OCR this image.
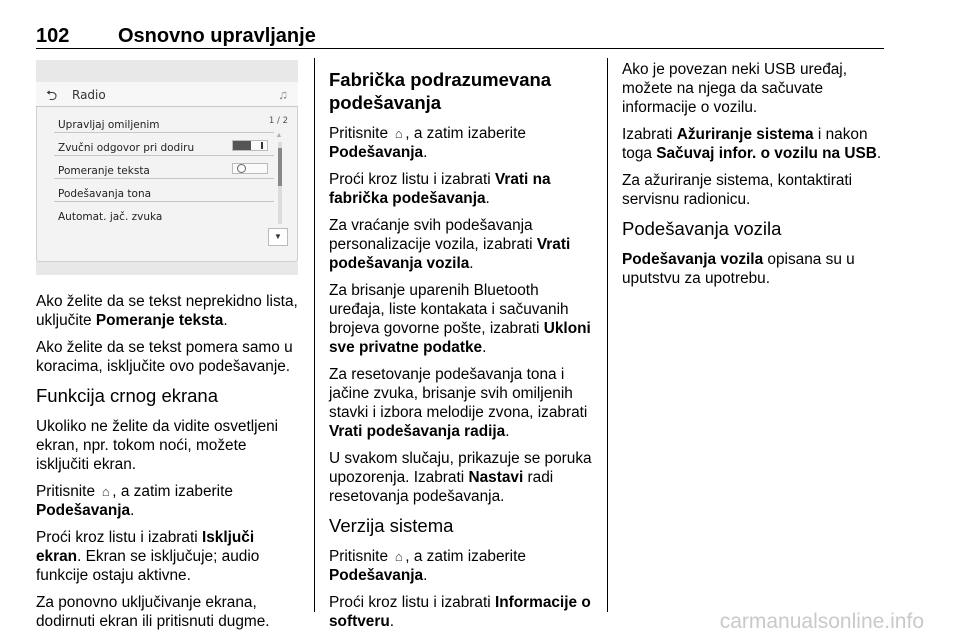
102 Osnovno upravljanje
⮌ Radio	♫
Upravljaj omiljenim
Zvučni odgovor pri dodiru
Pomeranje teksta
Podešavanja tona
Automat. jač. zvuka
1 / 2
▲
▼

Ako želite da se tekst neprekidno lista, uključite Pomeranje teksta.

Ako želite da se tekst pomera samo u koracima, isključite ovo podešavanje.

Funkcija crnog ekrana

Ukoliko ne želite da vidite osvetljeni ekran, npr. tokom noći, možete isključiti ekran.

Pritisnite ⌂ , a zatim izaberite Podešavanja.

Proći kroz listu i izabrati Isključi ekran. Ekran se isključuje; audio funkcije ostaju aktivne.

Za ponovno uključivanje ekrana, dodirnuti ekran ili pritisnuti dugme.

Fabrička podrazumevana podešavanja

Pritisnite ⌂ , a zatim izaberite Podešavanja.

Proći kroz listu i izabrati Vrati na fabrička podešavanja.

Za vraćanje svih podešavanja personalizacije vozila, izabrati Vrati podešavanja vozila.

Za brisanje uparenih Bluetooth uređaja, liste kontakata i sačuvanih brojeva govorne pošte, izabrati Ukloni sve privatne podatke.

Za resetovanje podešavanja tona i jačine zvuka, brisanje svih omiljenih stavki i izbora melodije zvona, izabrati Vrati podešavanja radija.

U svakom slučaju, prikazuje se poruka upozorenja. Izabrati Nastavi radi resetovanja podešavanja.

Verzija sistema

Pritisnite ⌂ , a zatim izaberite Podešavanja.

Proći kroz listu i izabrati Informacije o softveru.

Ako je povezan neki USB uređaj, možete na njega da sačuvate informacije o vozilu.

Izabrati Ažuriranje sistema i nakon toga Sačuvaj infor. o vozilu na USB.

Za ažuriranje sistema, kontaktirati servisnu radionicu.

Podešavanja vozila

Podešavanja vozila opisana su u uputstvu za upotrebu.

carmanualsonline.info
